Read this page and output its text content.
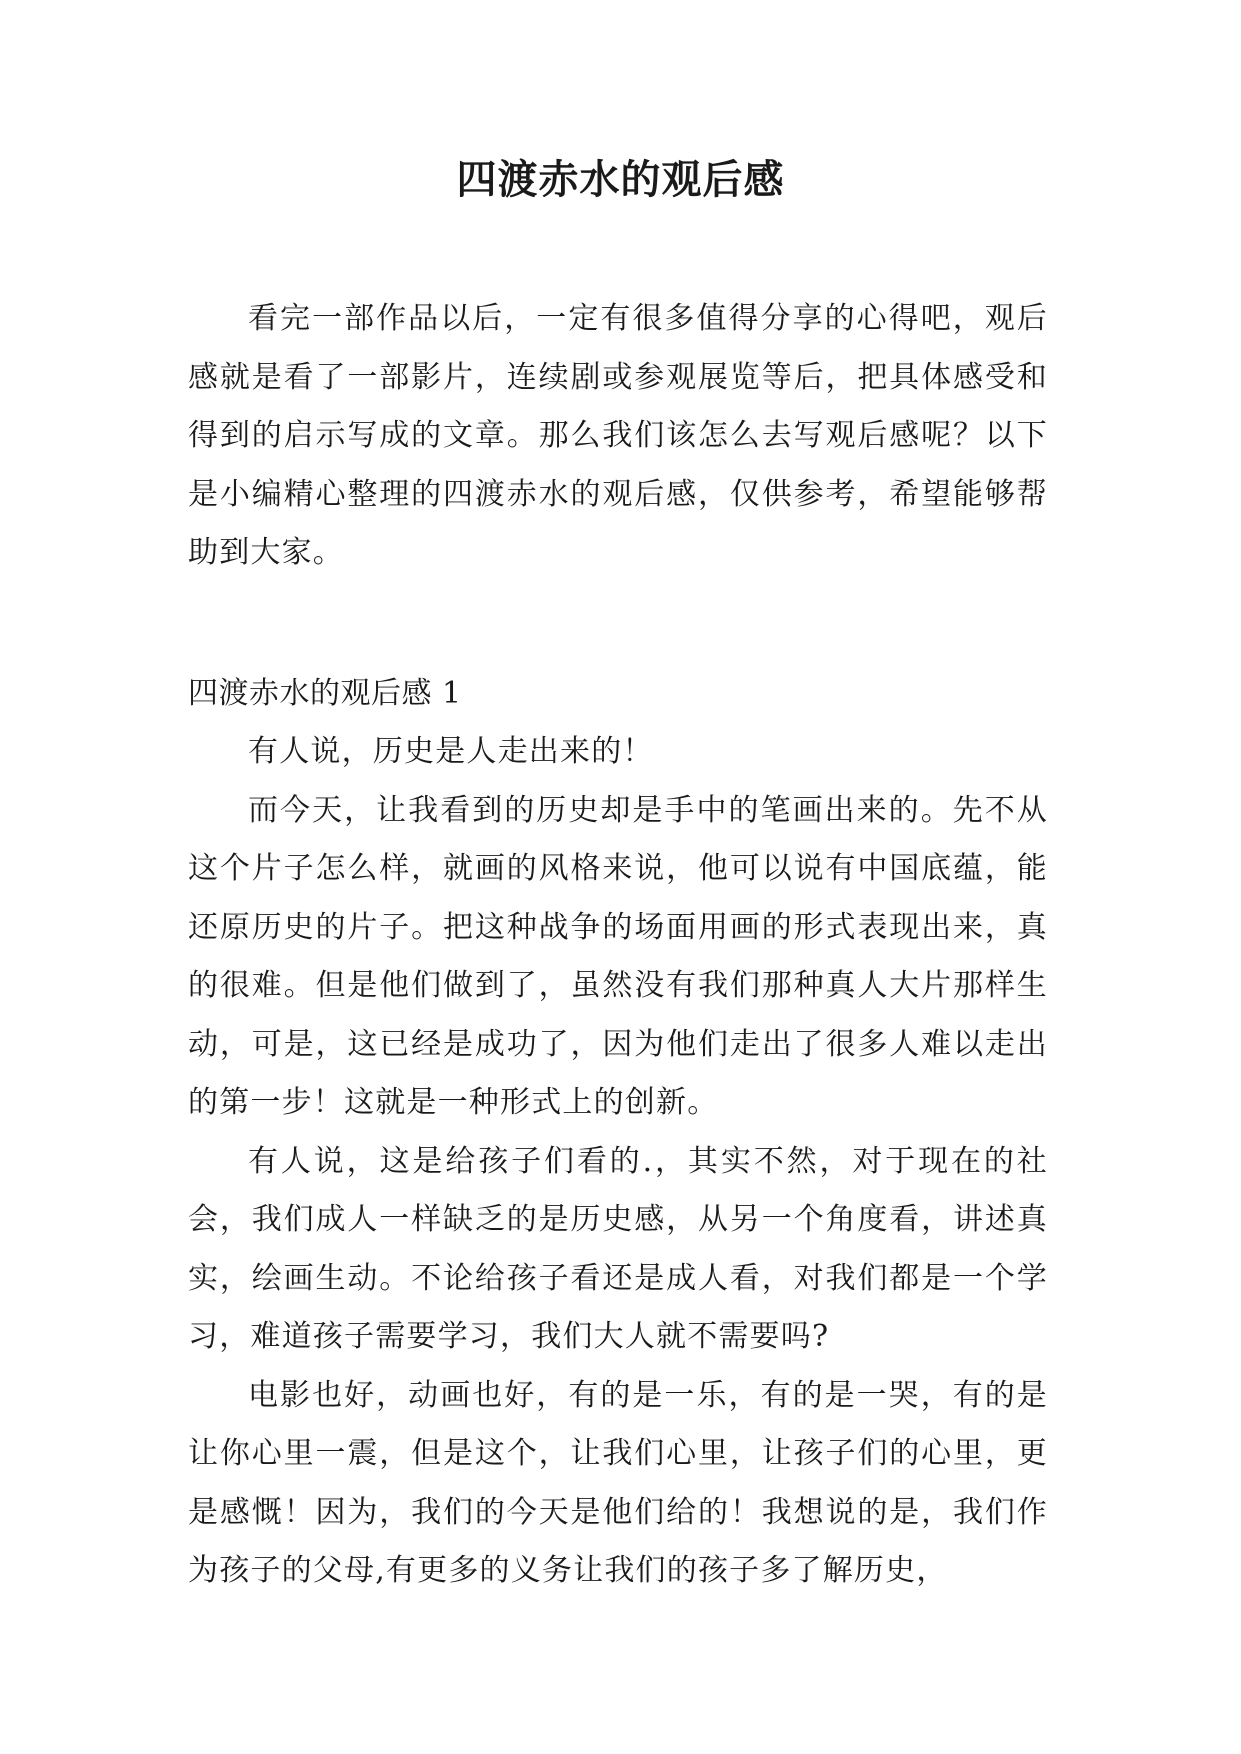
四渡赤水的观后感

看完一部作品以后，一定有很多值得分享的心得吧，观后感就是看了一部影片，连续剧或参观展览等后，把具体感受和得到的启示写成的文章。那么我们该怎么去写观后感呢？以下是小编精心整理的四渡赤水的观后感，仅供参考，希望能够帮助到大家。

四渡赤水的观后感 1

有人说，历史是人走出来的！

而今天，让我看到的历史却是手中的笔画出来的。先不从这个片子怎么样，就画的风格来说，他可以说有中国底蕴，能还原历史的片子。把这种战争的场面用画的形式表现出来，真的很难。但是他们做到了，虽然没有我们那种真人大片那样生动，可是，这已经是成功了，因为他们走出了很多人难以走出的第一步！这就是一种形式上的创新。

有人说，这是给孩子们看的.，其实不然，对于现在的社会，我们成人一样缺乏的是历史感，从另一个角度看，讲述真实，绘画生动。不论给孩子看还是成人看，对我们都是一个学习，难道孩子需要学习，我们大人就不需要吗?

电影也好，动画也好，有的是一乐，有的是一哭，有的是让你心里一震，但是这个，让我们心里，让孩子们的心里，更是感慨！因为，我们的今天是他们给的！我想说的是，我们作为孩子的父母,有更多的义务让我们的孩子多了解历史，
